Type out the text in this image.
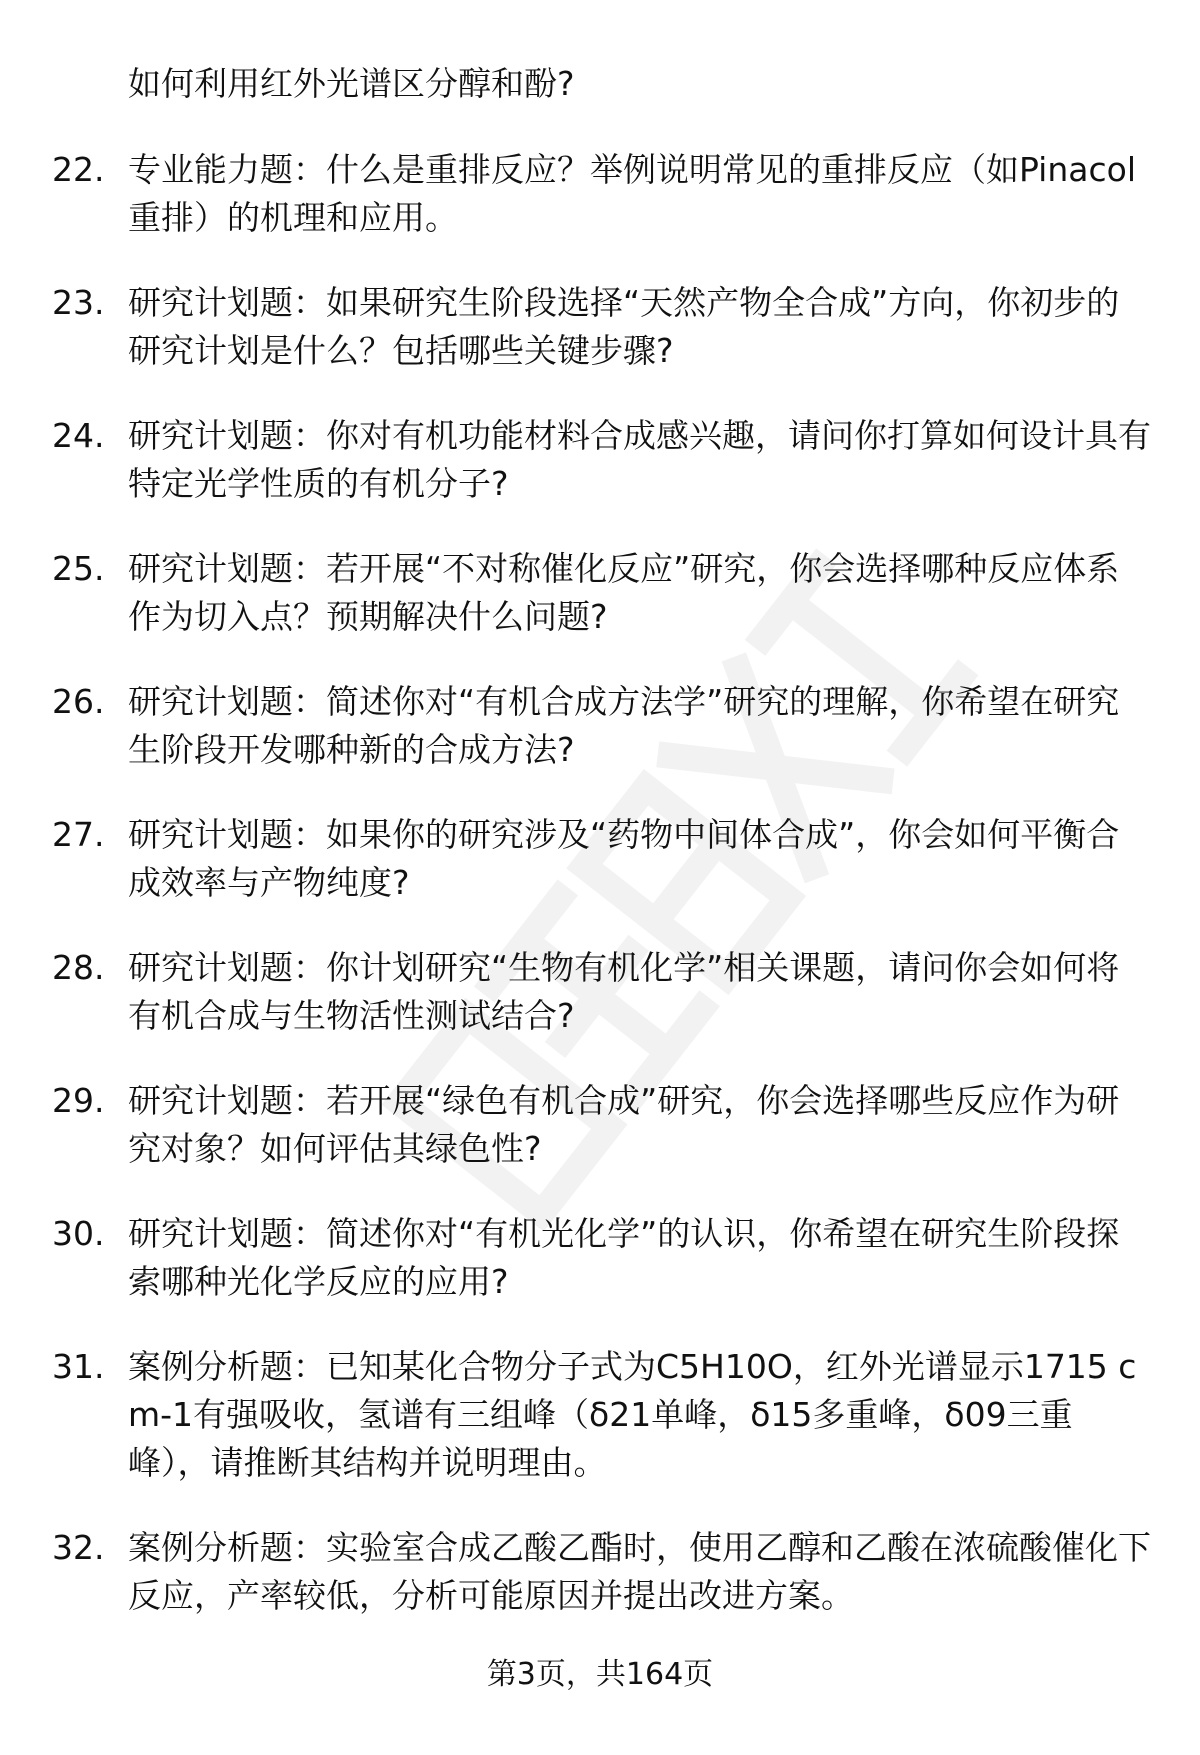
如何利用红外光谱区分醇和酚?
22. 专业能力题：什么是重排反应？举例说明常见的重排反应（如Pinacol重排）的机理和应用。
23. 研究计划题：如果研究生阶段选择“天然产物全合成”方向，你初步的研究计划是什么？包括哪些关键步骤?
24. 研究计划题：你对有机功能材料合成感兴趣，请问你打算如何设计具有特定光学性质的有机分子?
25. 研究计划题：若开展“不对称催化反应”研究，你会选择哪种反应体系作为切入点？预期解决什么问题?
26. 研究计划题：简述你对“有机合成方法学”研究的理解，你希望在研究生阶段开发哪种新的合成方法?
27. 研究计划题：如果你的研究涉及“药物中间体合成”，你会如何平衡合成效率与产物纯度?
28. 研究计划题：你计划研究“生物有机化学”相关课题，请问你会如何将有机合成与生物活性测试结合?
29. 研究计划题：若开展“绿色有机合成”研究，你会选择哪些反应作为研究对象？如何评估其绿色性?
30. 研究计划题：简述你对“有机光化学”的认识，你希望在研究生阶段探索哪种光化学反应的应用?
31. 案例分析题：已知某化合物分子式为C5H10O，红外光谱显示1715 cm-1有强吸收，氢谱有三组峰（δ21单峰，δ15多重峰，δ09三重峰），请推断其结构并说明理由。
32. 案例分析题：实验室合成乙酸乙酯时，使用乙醇和乙酸在浓硫酸催化下反应，产率较低，分析可能原因并提出改进方案。
第3页，共164页
